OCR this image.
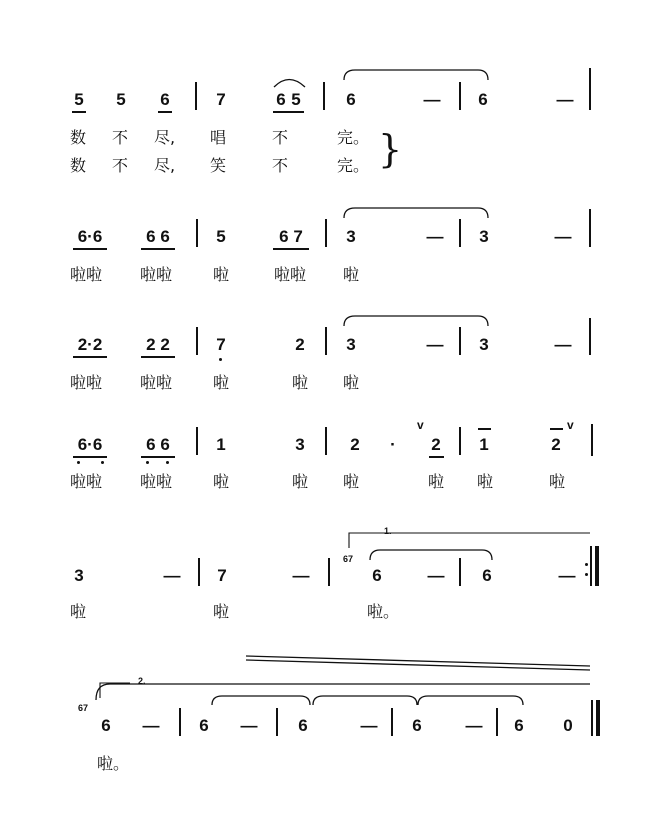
5 5 6	7	6 5	6	— 6	—
数 不 尽, 唱	不	完。
数 不 尽, 笑	不	完。 }
6·6	6 6	5	6 7	3	— 3	—
啦啦 啦啦	啦	啦啦 啦
2·2	2 2	7	2 3	— 3	—
啦啦 啦啦	啦	啦 啦
6·6	6 6	1	3	2 ·
v
2 1	2
v
啦啦 啦啦	啦	啦 啦	啦 啦	啦
3	— 7	—
1.
67
6	— 6	—
啦	啦	啦。
2.
67
6 — 6 — 6	— 6	— 6 0
啦。
